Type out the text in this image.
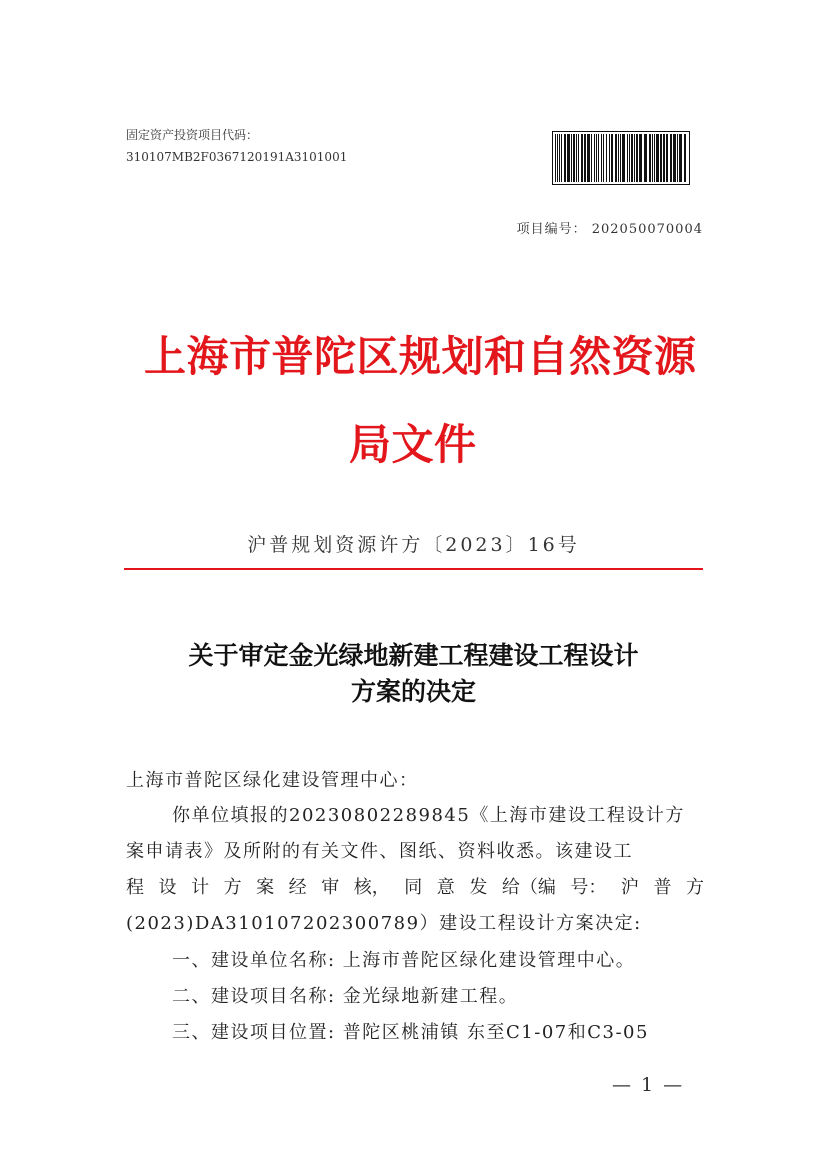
固定资产投资项目代码：
310107MB2F0367120191A3101001
项目编号： 202050070004
上海市普陀区规划和自然资源
局文件
沪普规划资源许方〔2023〕16号
关于审定金光绿地新建工程建设工程设计
方案的决定
上海市普陀区绿化建设管理中心：
你单位填报的20230802289845《上海市建设工程设计方
案申请表》及所附的有关文件、图纸、资料收悉。该建设工
程 设 计 方 案 经 审 核， 同 意 发 给（编 号： 沪 普 方
(2023)DA310107202300789）建设工程设计方案决定:
一、建设单位名称: 上海市普陀区绿化建设管理中心。
二、建设项目名称: 金光绿地新建工程。
三、建设项目位置: 普陀区桃浦镇 东至C1-07和C3-05
— 1 —
